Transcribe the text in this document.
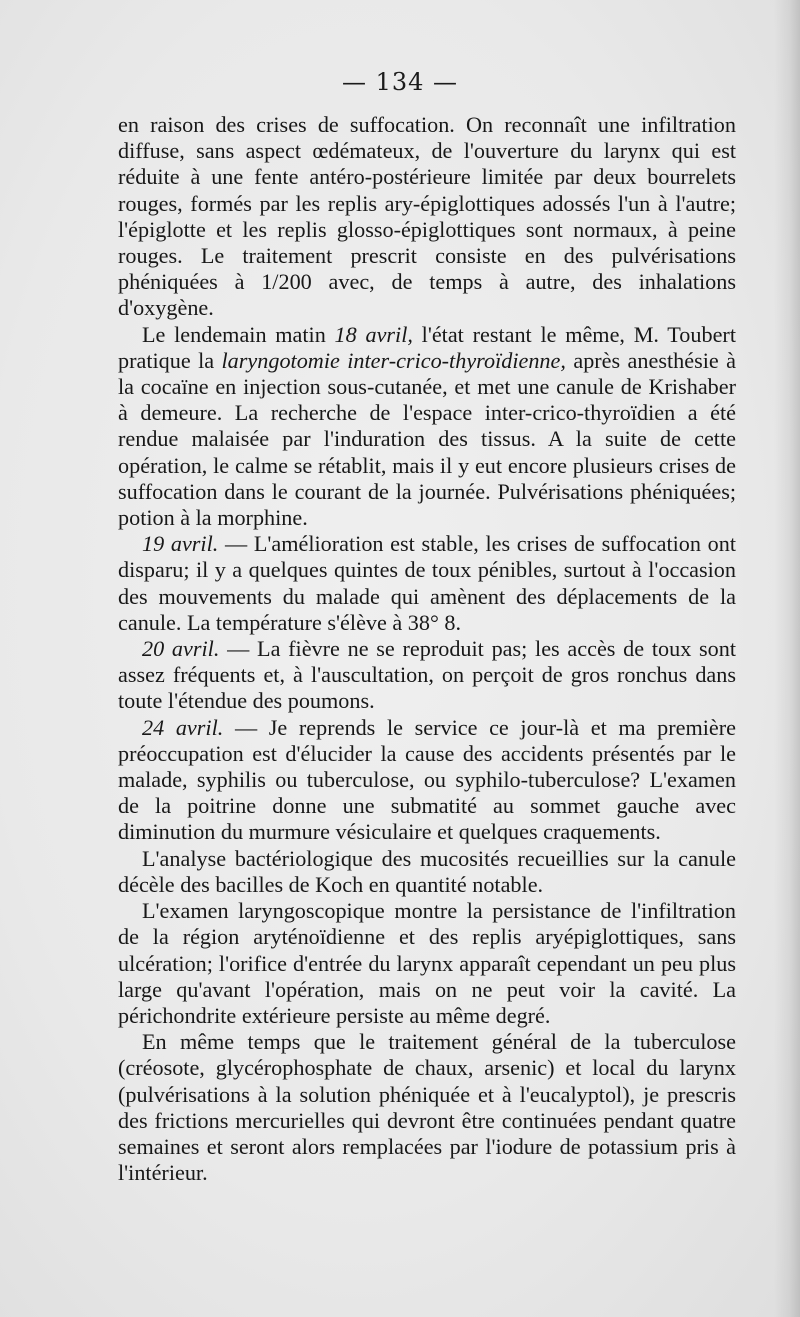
— 134 —

en raison des crises de suffocation. On reconnaît une infiltration diffuse, sans aspect œdémateux, de l'ouverture du larynx qui est réduite à une fente antéro-postérieure limitée par deux bourrelets rouges, formés par les replis ary-épiglottiques adossés l'un à l'autre; l'épiglotte et les replis glosso-épiglottiques sont normaux, à peine rouges. Le traitement prescrit consiste en des pulvérisations phéniquées à 1/200 avec, de temps à autre, des inhalations d'oxygène.

Le lendemain matin 18 avril, l'état restant le même, M. Toubert pratique la laryngotomie inter-crico-thyroïdienne, après anesthésie à la cocaïne en injection sous-cutanée, et met une canule de Krishaber à demeure. La recherche de l'espace inter-crico-thyroïdien a été rendue malaisée par l'induration des tissus. A la suite de cette opération, le calme se rétablit, mais il y eut encore plusieurs crises de suffocation dans le courant de la journée. Pulvérisations phéniquées; potion à la morphine.

19 avril. — L'amélioration est stable, les crises de suffocation ont disparu; il y a quelques quintes de toux pénibles, surtout à l'occasion des mouvements du malade qui amènent des déplacements de la canule. La température s'élève à 38° 8.

20 avril. — La fièvre ne se reproduit pas; les accès de toux sont assez fréquents et, à l'auscultation, on perçoit de gros ronchus dans toute l'étendue des poumons.

24 avril. — Je reprends le service ce jour-là et ma première préoccupation est d'élucider la cause des accidents présentés par le malade, syphilis ou tuberculose, ou syphilo-tuberculose? L'examen de la poitrine donne une submatité au sommet gauche avec diminution du murmure vésiculaire et quelques craquements.

L'analyse bactériologique des mucosités recueillies sur la canule décèle des bacilles de Koch en quantité notable.

L'examen laryngoscopique montre la persistance de l'infiltration de la région aryténoïdienne et des replis aryépiglottiques, sans ulcération; l'orifice d'entrée du larynx apparaît cependant un peu plus large qu'avant l'opération, mais on ne peut voir la cavité. La périchondrite extérieure persiste au même degré.

En même temps que le traitement général de la tuberculose (créosote, glycérophosphate de chaux, arsenic) et local du larynx (pulvérisations à la solution phéniquée et à l'eucalyptol), je prescris des frictions mercurielles qui devront être continuées pendant quatre semaines et seront alors remplacées par l'iodure de potassium pris à l'intérieur.
